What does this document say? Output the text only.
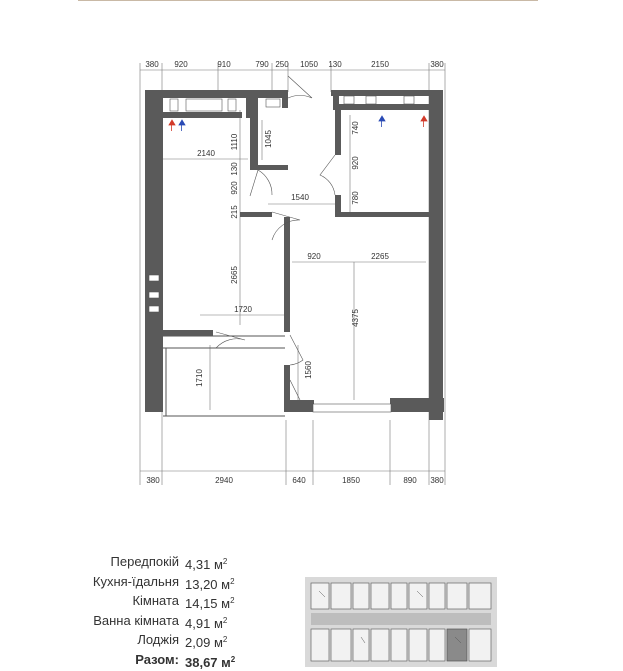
380 920	910	790 250 1050 130	2150	380
380	2940	640	1850	890 380
2140
1540
920	2265
1720
1110
130
920
215
2665
1045
740
920
780
4375
1710	1560
Передпокій 4,31 $м^2$
Кухня-їдальня 13,20 $м^2$
Кімната 14,15 $м^2$
Ванна кімната 4,91 $м^2$
Лоджія 2,09 $м^2$
Разом: 38,67 $м^2$
